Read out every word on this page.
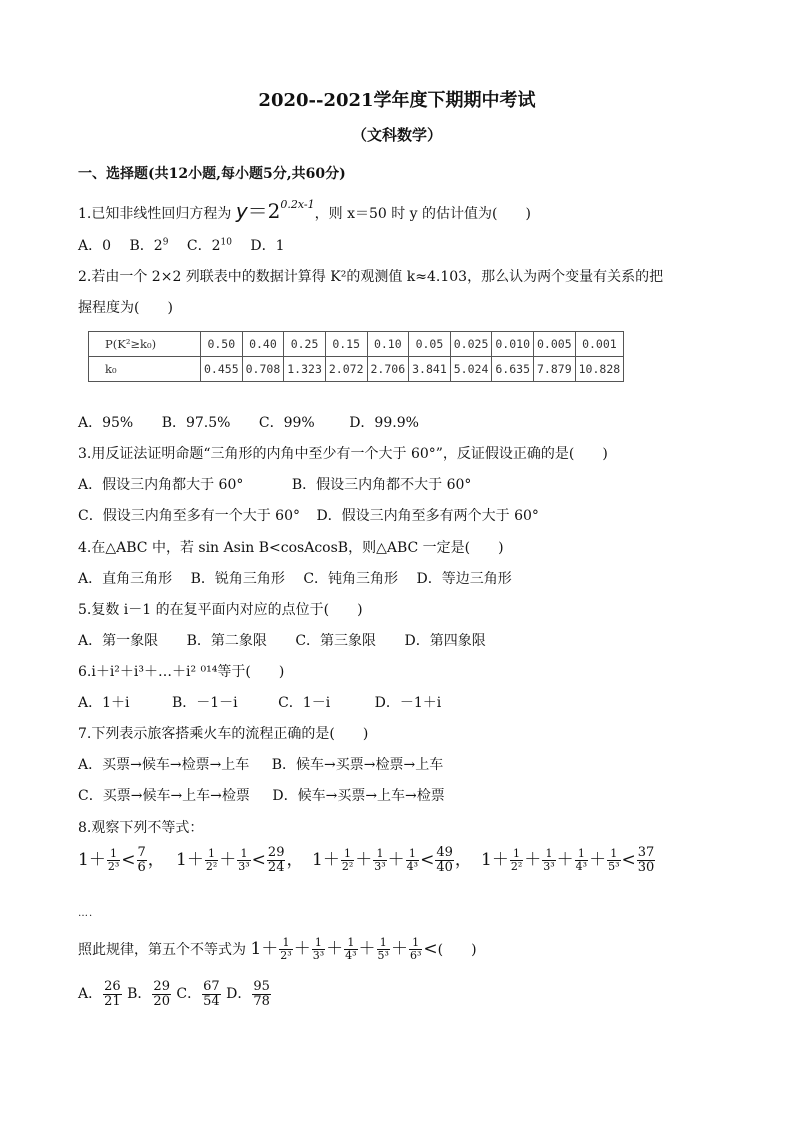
2020--2021学年度下期期中考试
（文科数学）
一、选择题(共12小题,每小题5分,共60分)
1.已知非线性回归方程为 $y=2^{0.2x-1}$，则 x＝50 时 y 的估计值为(　　)
A．0 B．$2^9$ C．$2^{10}$ D．1
2.若由一个 2×2 列联表中的数据计算得 K²的观测值 k≈4.103，那么认为两个变量有关系的把
握程度为(　　)
P(K²≥k₀)	0.50	0.40	0.25	0.15	0.10	0.05	0.025	0.010	0.005	0.001
k₀	0.455	0.708	1.323	2.072	2.706	3.841	5.024	6.635	7.879	10.828
A．95% B．97.5% C．99% D．99.9%
3.用反证法证明命题“三角形的内角中至少有一个大于 60°”，反证假设正确的是(　　)
A．假设三内角都大于 60°	B．假设三内角都不大于 60°
C．假设三内角至多有一个大于 60° D．假设三内角至多有两个大于 60°
4.在△ABC 中，若 sin Asin B<cosAcosB，则△ABC 一定是(　　)
A．直角三角形 B．锐角三角形 C．钝角三角形 D．等边三角形
5.复数 i－1 的在复平面内对应的点位于(　　)
A．第一象限 B．第二象限 C．第三象限 D．第四象限
6.i＋i²＋i³＋…＋i² ⁰¹⁴等于(　　)
A．1＋i	B．－1－i	C．1－i	D．－1＋i
7.下列表示旅客搭乘火车的流程正确的是(　　)
A．买票→候车→检票→上车 B．候车→买票→检票→上车
C．买票→候车→上车→检票 D．候车→买票→上车→检票
8.观察下列不等式：
$1+ \frac{1}{\text{2³}} < \frac{7}{6}$ ， $1+ \frac{1}{\text{2²}} + \frac{1}{\text{3³}} < \frac{29}{24}$ ， $1+ \frac{1}{\text{2²}} + \frac{1}{\text{3³}} + \frac{1}{\text{4³}} < \frac{49}{40}$ ， $1+ \frac{1}{\text{2²}} + \frac{1}{\text{3³}} + \frac{1}{\text{4³}} + \frac{1}{\text{5³}} < \frac{37}{30}$
….
照此规律，第五个不等式为 $1+ \frac{1}{\text{2³}} + \frac{1}{\text{3³}} + \frac{1}{\text{4³}} + \frac{1}{\text{5³}} + \frac{1}{\text{6³}}$ <(　　)
A． $\frac{26}{21}$ B． $\frac{29}{20}$ C． $\frac{67}{54}$ D． $\frac{95}{78}$
